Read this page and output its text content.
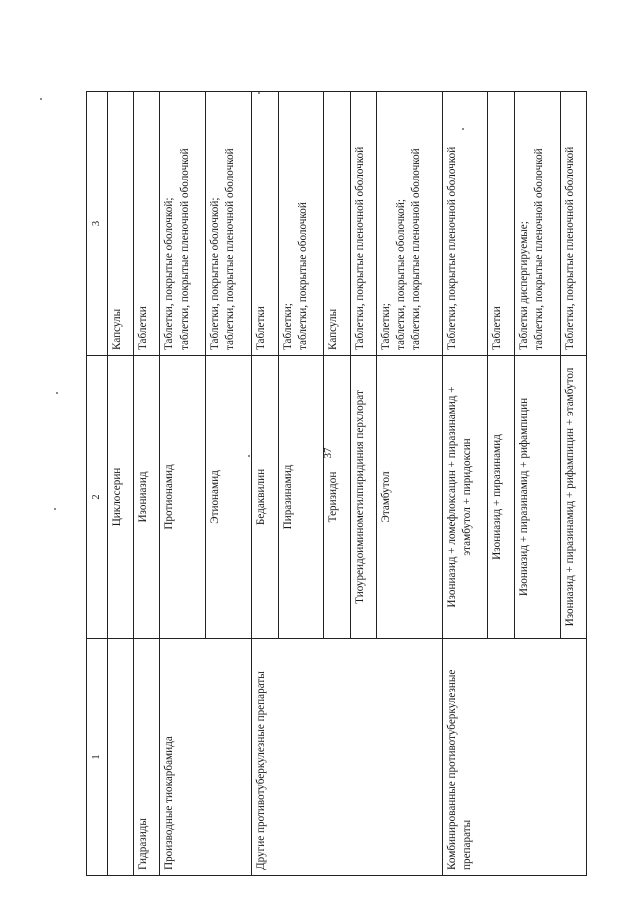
37
1	2	3
	Циклосерин	Капсулы

Гидразиды	Изониазид	Таблетки

Производные тиокарбамида	Протионамид	Таблетки, покрытые оболочкой; таблетки, покрытые пленочной оболочкой

	Этионамид	Таблетки, покрытые оболочкой; таблетки, покрытые пленочной оболочкой

Другие противотуберкулезные препараты	Бедаквилин	Таблетки

	Пиразинамид	Таблетки; таблетки, покрытые оболочкой

	Теризидон	Капсулы

	Тиоуреидоиминометилпиридиния перхлорат	Таблетки, покрытые пленочной оболочкой

	Этамбутол	Таблетки; таблетки, покрытые оболочкой; таблетки, покрытые пленочной оболочкой

Комбинированные противотуберкулезные препараты	Изониазид + ломефлоксацин + пиразинамид + этамбутол + пиридоксин	Таблетки, покрытые пленочной оболочкой

	Изониазид + пиразинамид	Таблетки

	Изониазид + пиразинамид + рифампицин	Таблетки диспергируемые; таблетки, покрытые пленочной оболочкой

	Изониазид + пиразинамид + рифампицин + этамбутол	Таблетки, покрытые пленочной оболочкой
